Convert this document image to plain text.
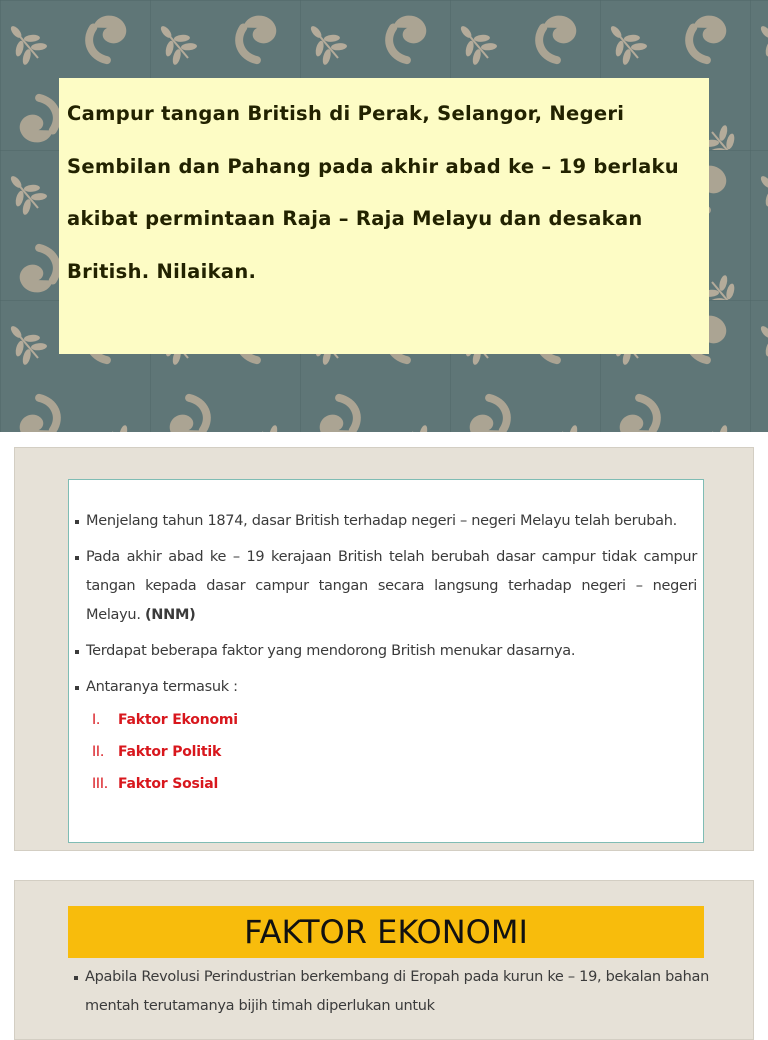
Campur tangan British di Perak, Selangor, Negeri Sembilan dan Pahang pada akhir abad ke – 19 berlaku akibat permintaan Raja – Raja Melayu dan desakan British. Nilaikan.

Menjelang tahun 1874, dasar British terhadap negeri – negeri Melayu telah berubah.
Pada akhir abad ke – 19 kerajaan British telah berubah dasar campur tidak campur tangan kepada dasar campur tangan secara langsung terhadap negeri – negeri Melayu. (NNM)
Terdapat beberapa faktor yang mendorong British menukar dasarnya.
Antaranya termasuk :
I. Faktor Ekonomi
II. Faktor Politik
III. Faktor Sosial
FAKTOR EKONOMI
Apabila Revolusi Perindustrian berkembang di Eropah pada kurun ke – 19, bekalan bahan mentah terutamanya bijih timah diperlukan untuk
